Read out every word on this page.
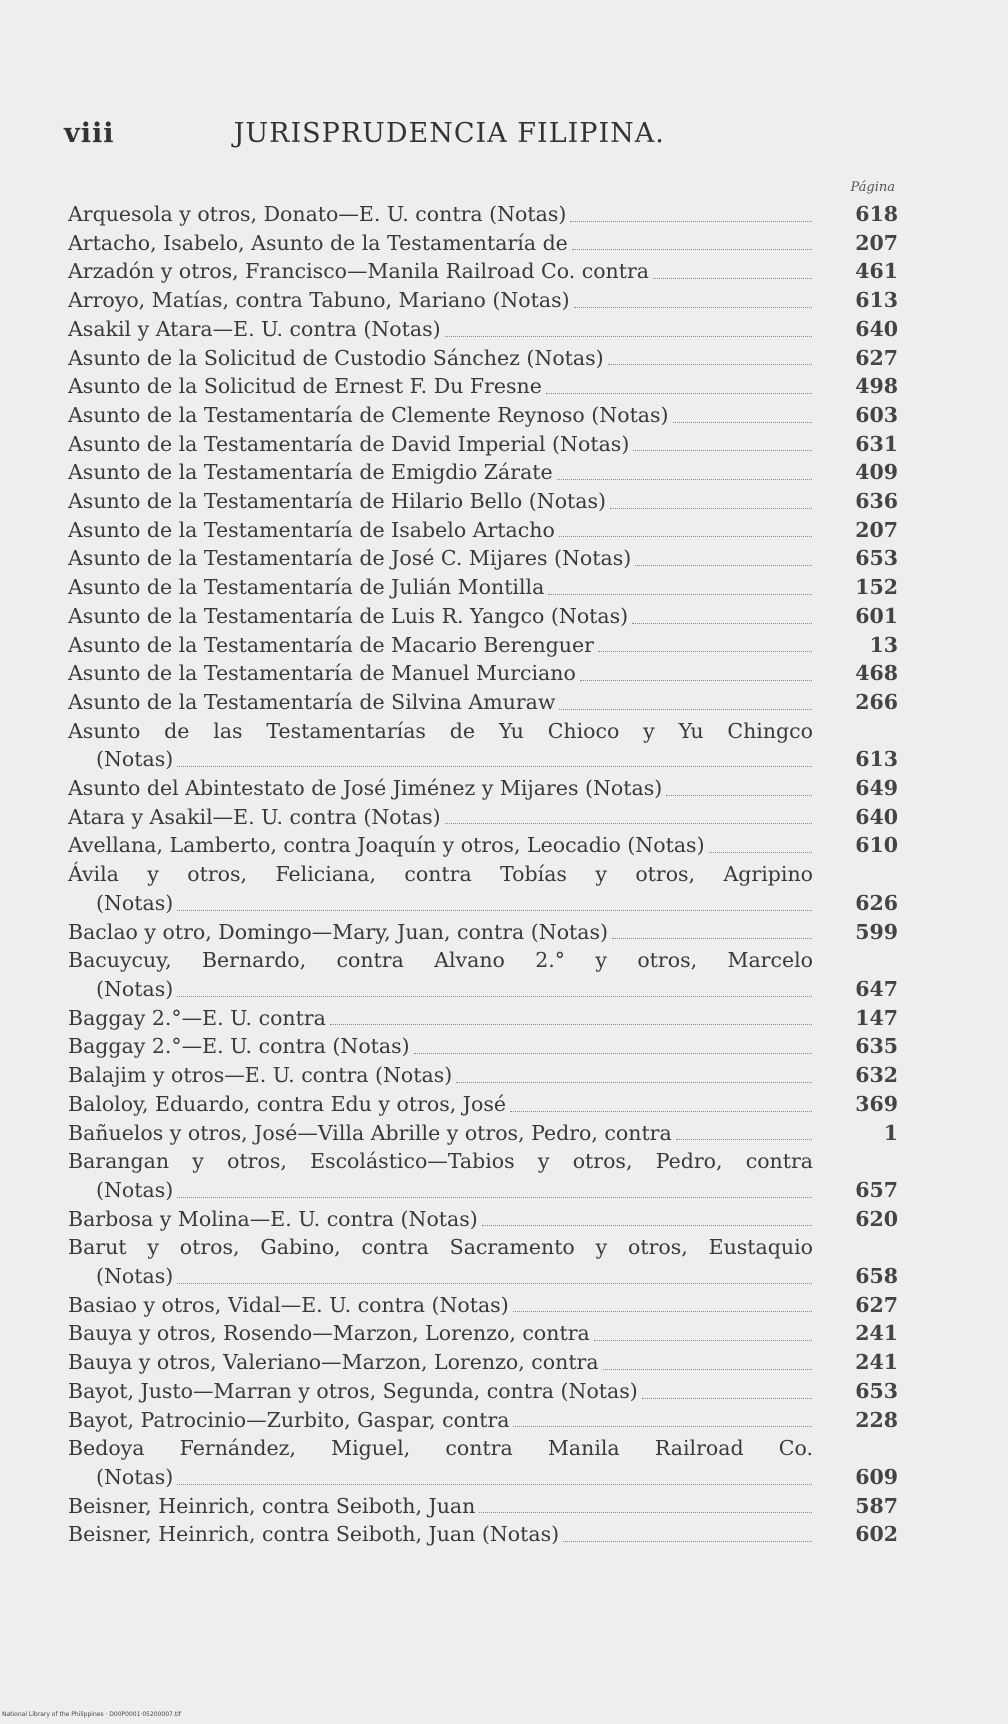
viii	JURISPRUDENCIA FILIPINA.
Página
Arquesola y otros, Donato—E. U. contra (Notas)	618
Artacho, Isabelo, Asunto de la Testamentaría de	207
Arzadón y otros, Francisco—Manila Railroad Co. contra	461
Arroyo, Matías, contra Tabuno, Mariano (Notas)	613
Asakil y Atara—E. U. contra (Notas)	640
Asunto de la Solicitud de Custodio Sánchez (Notas)	627
Asunto de la Solicitud de Ernest F. Du Fresne	498
Asunto de la Testamentaría de Clemente Reynoso (Notas)	603
Asunto de la Testamentaría de David Imperial (Notas)	631
Asunto de la Testamentaría de Emigdio Zárate	409
Asunto de la Testamentaría de Hilario Bello (Notas)	636
Asunto de la Testamentaría de Isabelo Artacho	207
Asunto de la Testamentaría de José C. Mijares (Notas)	653
Asunto de la Testamentaría de Julián Montilla	152
Asunto de la Testamentaría de Luis R. Yangco (Notas)	601
Asunto de la Testamentaría de Macario Berenguer	13
Asunto de la Testamentaría de Manuel Murciano	468
Asunto de la Testamentaría de Silvina Amuraw	266
Asunto de las Testamentarías de Yu Chioco y Yu Chingco
(Notas)	613
Asunto del Abintestato de José Jiménez y Mijares (Notas)	649
Atara y Asakil—E. U. contra (Notas)	640
Avellana, Lamberto, contra Joaquín y otros, Leocadio (Notas)	610
Ávila y otros, Feliciana, contra Tobías y otros, Agripino
(Notas)	626
Baclao y otro, Domingo—Mary, Juan, contra (Notas)	599
Bacuycuy, Bernardo, contra Alvano 2.° y otros, Marcelo
(Notas)	647
Baggay 2.°—E. U. contra	147
Baggay 2.°—E. U. contra (Notas)	635
Balajim y otros—E. U. contra (Notas)	632
Baloloy, Eduardo, contra Edu y otros, José	369
Bañuelos y otros, José—Villa Abrille y otros, Pedro, contra	1
Barangan y otros, Escolástico—Tabios y otros, Pedro, contra
(Notas)	657
Barbosa y Molina—E. U. contra (Notas)	620
Barut y otros, Gabino, contra Sacramento y otros, Eustaquio
(Notas)	658
Basiao y otros, Vidal—E. U. contra (Notas)	627
Bauya y otros, Rosendo—Marzon, Lorenzo, contra	241
Bauya y otros, Valeriano—Marzon, Lorenzo, contra	241
Bayot, Justo—Marran y otros, Segunda, contra (Notas)	653
Bayot, Patrocinio—Zurbito, Gaspar, contra	228
Bedoya Fernández, Miguel, contra Manila Railroad Co.
(Notas)	609
Beisner, Heinrich, contra Seiboth, Juan	587
Beisner, Heinrich, contra Seiboth, Juan (Notas)	602
National Library of the Philippines · D00P0001·05200007.tif
